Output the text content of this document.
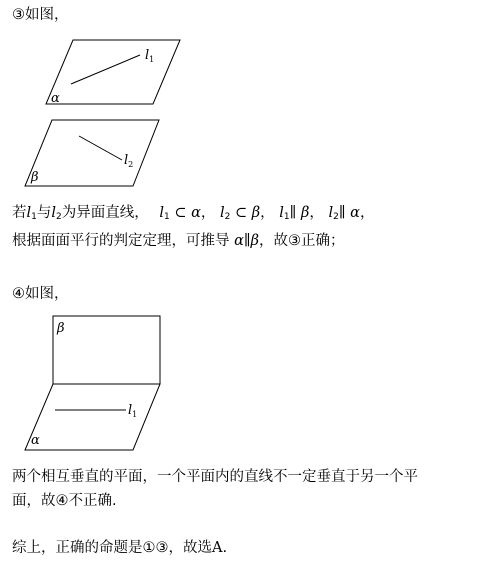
③如图，
$l_1$
α
$l_2$
β
β
$l_1$
α
若$l_1$与$l_2$为异面直线， $l_1$ ⊂ α， $l_2$ ⊂ β， $l_1\parallel$ β， $l_2\parallel$ α，
根据面面平行的判定定理，可推导 α∥β，故③正确；
④如图，
两个相互垂直的平面，一个平面内的直线不一定垂直于另一个平
面，故④不正确.
综上，正确的命题是①③，故选A.
